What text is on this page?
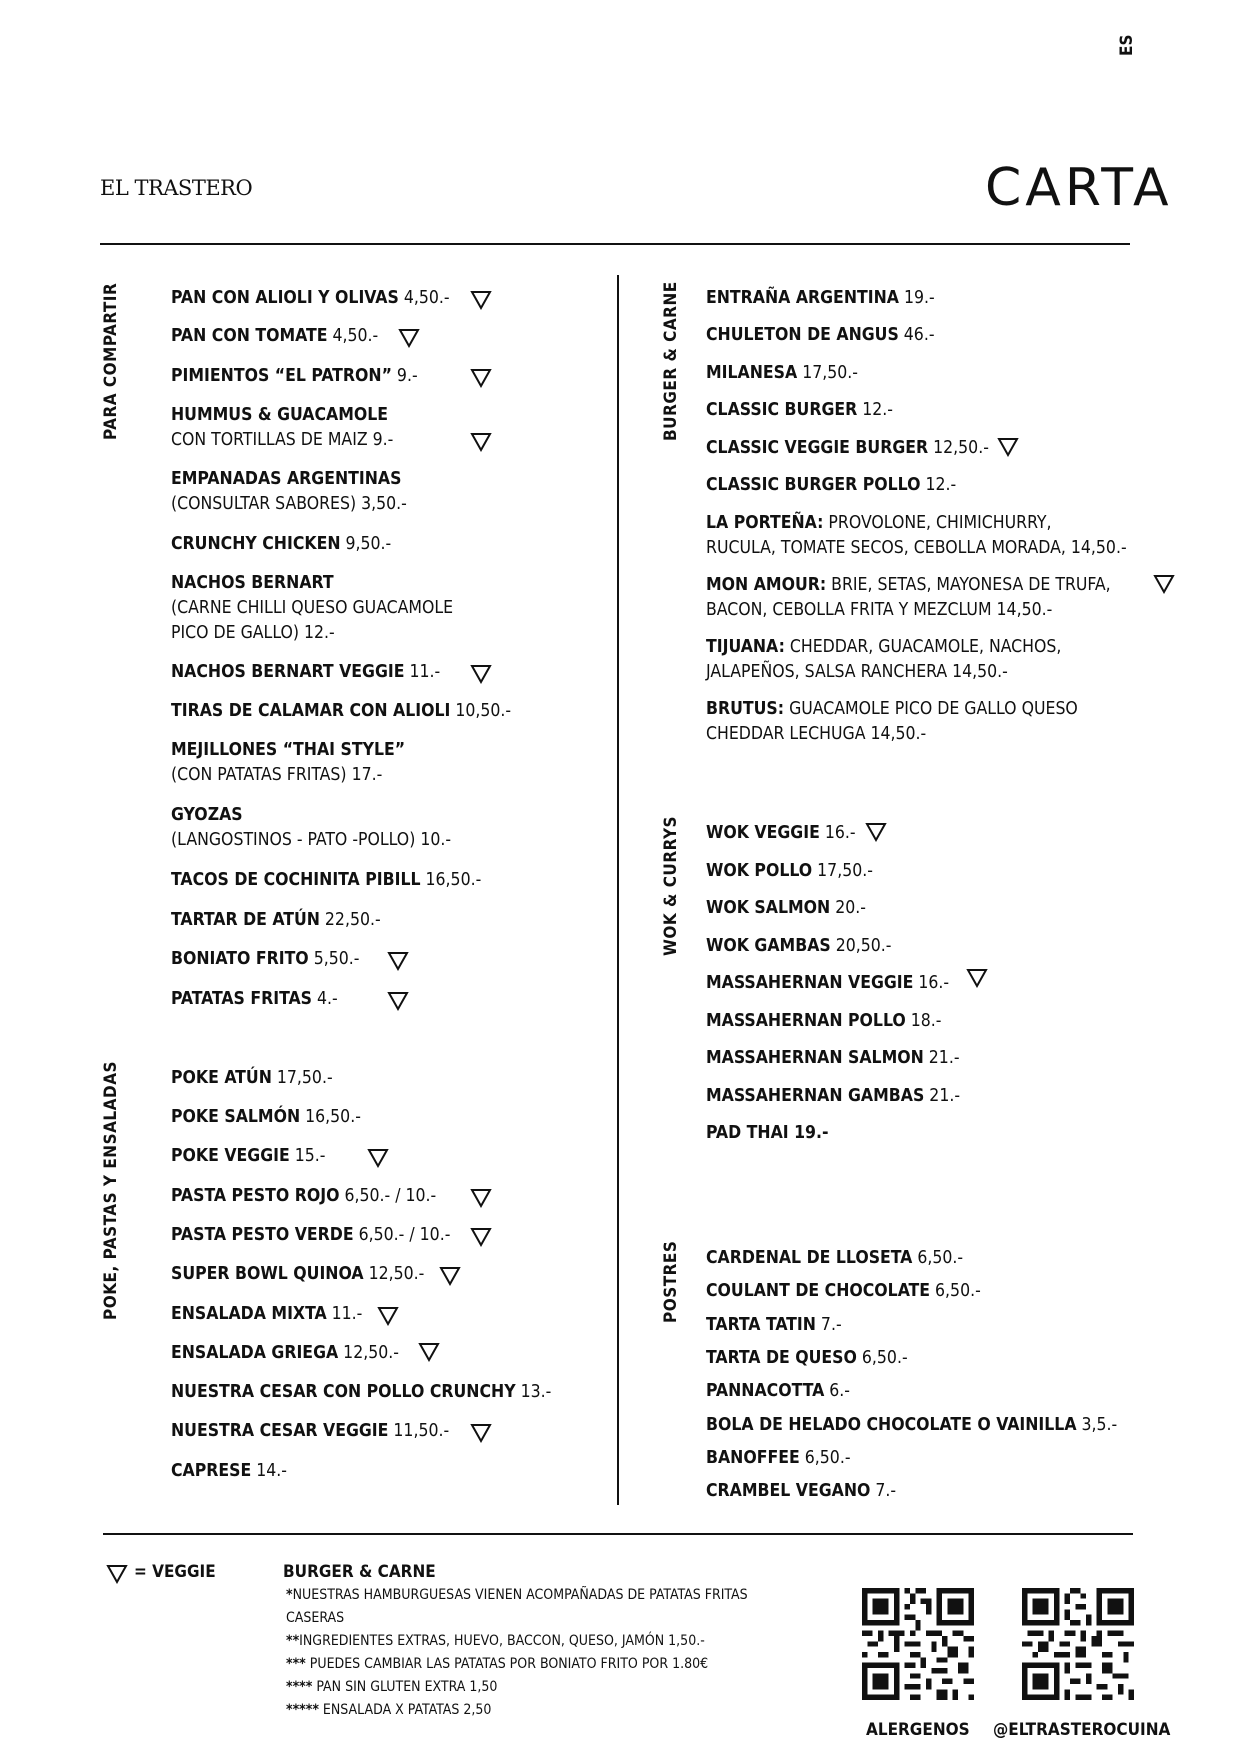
ES
EL TRASTERO	CARTA
PARA COMPARTIR
POKE, PASTAS Y ENSALADAS
BURGER & CARNE
WOK & CURRYS
POSTRES
PAN CON ALIOLI Y OLIVAS 4,50.-
PAN CON TOMATE 4,50.-
PIMIENTOS “EL PATRON” 9.-
HUMMUS & GUACAMOLE
CON TORTILLAS DE MAIZ 9.-
EMPANADAS ARGENTINAS
(CONSULTAR SABORES) 3,50.-
CRUNCHY CHICKEN 9,50.-
NACHOS BERNART
(CARNE CHILLI QUESO GUACAMOLE
PICO DE GALLO) 12.-
NACHOS BERNART VEGGIE 11.-
TIRAS DE CALAMAR CON ALIOLI 10,50.-
MEJILLONES “THAI STYLE”
(CON PATATAS FRITAS) 17.-
GYOZAS
(LANGOSTINOS - PATO -POLLO) 10.-
TACOS DE COCHINITA PIBILL 16,50.-
TARTAR DE ATÚN 22,50.-
BONIATO FRITO 5,50.-
PATATAS FRITAS 4.-
POKE ATÚN 17,50.-
POKE SALMÓN 16,50.-
POKE VEGGIE 15.-
PASTA PESTO ROJO 6,50.- / 10.-
PASTA PESTO VERDE 6,50.- / 10.-
SUPER BOWL QUINOA 12,50.-
ENSALADA MIXTA 11.-
ENSALADA GRIEGA 12,50.-
NUESTRA CESAR CON POLLO CRUNCHY 13.-
NUESTRA CESAR VEGGIE 11,50.-
CAPRESE 14.-
ENTRAÑA ARGENTINA 19.-
CHULETON DE ANGUS 46.-
MILANESA 17,50.-
CLASSIC BURGER 12.-
CLASSIC VEGGIE BURGER 12,50.-
CLASSIC BURGER POLLO 12.-
LA PORTEÑA: PROVOLONE, CHIMICHURRY,
RUCULA, TOMATE SECOS, CEBOLLA MORADA, 14,50.-
MON AMOUR: BRIE, SETAS, MAYONESA DE TRUFA,
BACON, CEBOLLA FRITA Y MEZCLUM 14,50.-
TIJUANA: CHEDDAR, GUACAMOLE, NACHOS,
JALAPEÑOS, SALSA RANCHERA 14,50.-
BRUTUS: GUACAMOLE PICO DE GALLO QUESO
CHEDDAR LECHUGA 14,50.-
WOK VEGGIE 16.-
WOK POLLO 17,50.-
WOK SALMON 20.-
WOK GAMBAS 20,50.-
MASSAHERNAN VEGGIE 16.-
MASSAHERNAN POLLO 18.-
MASSAHERNAN SALMON 21.-
MASSAHERNAN GAMBAS 21.-
PAD THAI 19.-
CARDENAL DE LLOSETA 6,50.-
COULANT DE CHOCOLATE 6,50.-
TARTA TATIN 7.-
TARTA DE QUESO 6,50.-
PANNACOTTA 6.-
BOLA DE HELADO CHOCOLATE O VAINILLA 3,5.-
BANOFFEE 6,50.-
CRAMBEL VEGANO 7.-
= VEGGIE	BURGER & CARNE
*NUESTRAS HAMBURGUESAS VIENEN ACOMPAÑADAS DE PATATAS FRITAS
CASERAS
**INGREDIENTES EXTRAS, HUEVO, BACCON, QUESO, JAMÓN 1,50.-
*** PUEDES CAMBIAR LAS PATATAS POR BONIATO FRITO POR 1.80€
**** PAN SIN GLUTEN EXTRA 1,50
***** ENSALADA X PATATAS 2,50
ALERGENOS @ELTRASTEROCUINA
